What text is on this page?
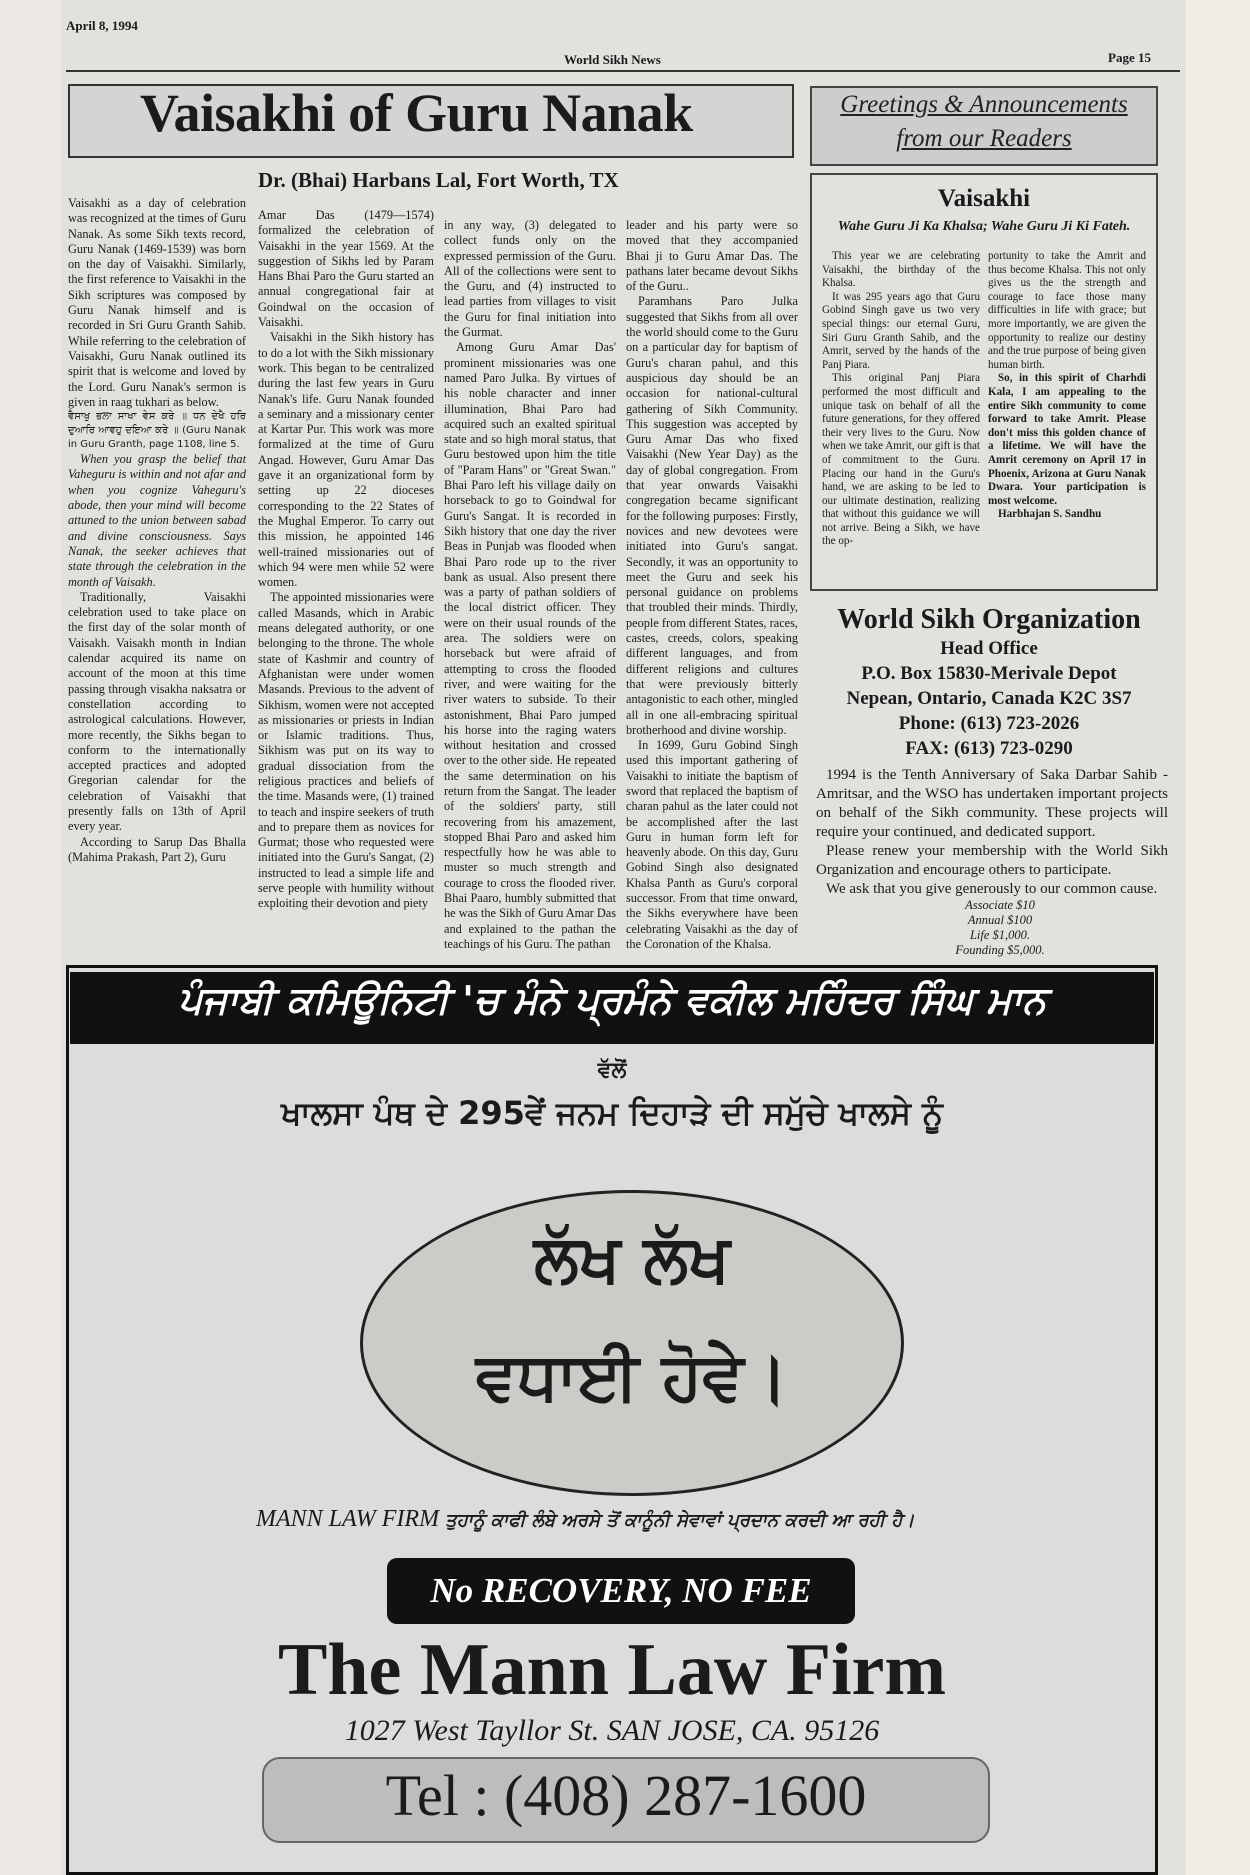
April 8, 1994
World Sikh News	Page 15
Vaisakhi of Guru Nanak
Dr. (Bhai) Harbans Lal, Fort Worth, TX

Vaisakhi as a day of celebration was recognized at the times of Guru Nanak. As some Sikh texts record, Guru Nanak (1469-1539) was born on the day of Vaisakhi. Similarly, the first reference to Vaisakhi in the Sikh scriptures was composed by Guru Nanak himself and is recorded in Sri Guru Granth Sahib. While referring to the celebration of Vaisakhi, Guru Nanak outlined its spirit that is welcome and loved by the Lord. Guru Nanak's sermon is given in raag tukhari as below.

ਵੈਸਾਖੁ ਭਲਾ ਸਾਖਾ ਵੇਸ ਕਰੇ ॥ ਧਨ ਦੇਖੈ ਹਰਿ ਦੁਆਰਿ ਆਵਹੁ ਦਇਆ ਕਰੇ ॥ (Guru Nanak in Guru Granth, page 1108, line 5.

When you grasp the belief that Vaheguru is within and not afar and when you cognize Vaheguru's abode, then your mind will become attuned to the union between sabad and divine consciousness. Says Nanak, the seeker achieves that state through the celebration in the month of Vaisakh.

Traditionally, Vaisakhi celebration used to take place on the first day of the solar month of Vaisakh. Vaisakh month in Indian calendar acquired its name on account of the moon at this time passing through visakha naksatra or constellation according to astrological calculations. However, more recently, the Sikhs began to conform to the internationally accepted practices and adopted Gregorian calendar for the celebration of Vaisakhi that presently falls on 13th of April every year.

According to Sarup Das Bhalla (Mahima Prakash, Part 2), Guru

Amar Das (1479—1574) formalized the celebration of Vaisakhi in the year 1569. At the suggestion of Sikhs led by Param Hans Bhai Paro the Guru started an annual congregational fair at Goindwal on the occasion of Vaisakhi.

Vaisakhi in the Sikh history has to do a lot with the Sikh missionary work. This began to be centralized during the last few years in Guru Nanak's life. Guru Nanak founded a seminary and a missionary center at Kartar Pur. This work was more formalized at the time of Guru Angad. However, Guru Amar Das gave it an organizational form by setting up 22 dioceses corresponding to the 22 States of the Mughal Emperor. To carry out this mission, he appointed 146 well-trained missionaries out of which 94 were men while 52 were women.

The appointed missionaries were called Masands, which in Arabic means delegated authority, or one belonging to the throne. The whole state of Kashmir and country of Afghanistan were under women Masands. Previous to the advent of Sikhism, women were not accepted as missionaries or priests in Indian or Islamic traditions. Thus, Sikhism was put on its way to gradual dissociation from the religious practices and beliefs of the time. Masands were, (1) trained to teach and inspire seekers of truth and to prepare them as novices for Gurmat; those who requested were initiated into the Guru's Sangat, (2) instructed to lead a simple life and serve people with humility without exploiting their devotion and piety

in any way, (3) delegated to collect funds only on the expressed permission of the Guru. All of the collections were sent to the Guru, and (4) instructed to lead parties from villages to visit the Guru for final initiation into the Gurmat.

Among Guru Amar Das' prominent missionaries was one named Paro Julka. By virtues of his noble character and inner illumination, Bhai Paro had acquired such an exalted spiritual state and so high moral status, that Guru bestowed upon him the title of "Param Hans" or "Great Swan." Bhai Paro left his village daily on horseback to go to Goindwal for Guru's Sangat. It is recorded in Sikh history that one day the river Beas in Punjab was flooded when Bhai Paro rode up to the river bank as usual. Also present there was a party of pathan soldiers of the local district officer. They were on their usual rounds of the area. The soldiers were on horseback but were afraid of attempting to cross the flooded river, and were waiting for the river waters to subside. To their astonishment, Bhai Paro jumped his horse into the raging waters without hesitation and crossed over to the other side. He repeated the same determination on his return from the Sangat. The leader of the soldiers' party, still recovering from his amazement, stopped Bhai Paro and asked him respectfully how he was able to muster so much strength and courage to cross the flooded river. Bhai Paaro, humbly submitted that he was the Sikh of Guru Amar Das and explained to the pathan the teachings of his Guru. The pathan

leader and his party were so moved that they accompanied Bhai ji to Guru Amar Das. The pathans later became devout Sikhs of the Guru..

Paramhans Paro Julka suggested that Sikhs from all over the world should come to the Guru on a particular day for baptism of Guru's charan pahul, and this auspicious day should be an occasion for national-cultural gathering of Sikh Community. This suggestion was accepted by Guru Amar Das who fixed Vaisakhi (New Year Day) as the day of global congregation. From that year onwards Vaisakhi congregation became significant for the following purposes: Firstly, novices and new devotees were initiated into Guru's sangat. Secondly, it was an opportunity to meet the Guru and seek his personal guidance on problems that troubled their minds. Thirdly, people from different States, races, castes, creeds, colors, speaking different languages, and from different religions and cultures that were previously bitterly antagonistic to each other, mingled all in one all-embracing spiritual brotherhood and divine worship.

In 1699, Guru Gobind Singh used this important gathering of Vaisakhi to initiate the baptism of sword that replaced the baptism of charan pahul as the later could not be accomplished after the last Guru in human form left for heavenly abode. On this day, Guru Gobind Singh also designated Khalsa Panth as Guru's corporal successor. From that time onward, the Sikhs everywhere have been celebrating Vaisakhi as the day of the Coronation of the Khalsa.

Greetings & Announcements
from our Readers
Vaisakhi
Wahe Guru Ji Ka Khalsa; Wahe Guru Ji Ki Fateh.

This year we are celebrating Vaisakhi, the birthday of the Khalsa.

It was 295 years ago that Guru Gobind Singh gave us two very special things: our eternal Guru, Siri Guru Granth Sahib, and the Amrit, served by the hands of the Panj Piara.

This original Panj Piara performed the most difficult and unique task on behalf of all the future generations, for they offered their very lives to the Guru. Now when we take Amrit, our gift is that of commitment to the Guru. Placing our hand in the Guru's hand, we are asking to be led to our ultimate destination, realizing that without this guidance we will not arrive. Being a Sikh, we have the op-

portunity to take the Amrit and thus become Khalsa. This not only gives us the the strength and courage to face those many difficulties in life with grace; but more importantly, we are given the opportunity to realize our destiny and the true purpose of being given human birth.

So, in this spirit of Charhdi Kala, I am appealing to the entire Sikh community to come forward to take Amrit. Please don't miss this golden chance of a lifetime. We will have the Amrit ceremony on April 17 in Phoenix, Arizona at Guru Nanak Dwara. Your participation is most welcome.

Harbhajan S. Sandhu

World Sikh Organization
Head Office
P.O. Box 15830-Merivale Depot
Nepean, Ontario, Canada K2C 3S7
Phone: (613) 723-2026
FAX: (613) 723-0290

1994 is the Tenth Anniversary of Saka Darbar Sahib - Amritsar, and the WSO has undertaken important projects on behalf of the Sikh community. These projects will require your continued, and dedicated support.

Please renew your membership with the World Sikh Organization and encourage others to participate.

We ask that you give generously to our common cause.

Associate $10
Annual $100
Life $1,000.
Founding $5,000.
ਪੰਜਾਬੀ ਕਮਿਊਨਿਟੀ 'ਚ ਮੰਨੇ ਪ੍ਰਮੰਨੇ ਵਕੀਲ ਮਹਿੰਦਰ ਸਿੰਘ ਮਾਨ
ਵੱਲੋਂ
ਖਾਲਸਾ ਪੰਥ ਦੇ 295ਵੇਂ ਜਨਮ ਦਿਹਾੜੇ ਦੀ ਸਮੁੱਚੇ ਖਾਲਸੇ ਨੂੰ
ਲੱਖ ਲੱਖ
ਵਧਾਈ ਹੋਵੇ।
MANN LAW FIRM ਤੁਹਾਨੂੰ ਕਾਫੀ ਲੰਬੇ ਅਰਸੇ ਤੋਂ ਕਾਨੂੰਨੀ ਸੇਵਾਵਾਂ ਪ੍ਰਦਾਨ ਕਰਦੀ ਆ ਰਹੀ ਹੈ।
No RECOVERY, NO FEE
The Mann Law Firm
1027 West Tayllor St. SAN JOSE, CA. 95126
Tel : (408) 287-1600
